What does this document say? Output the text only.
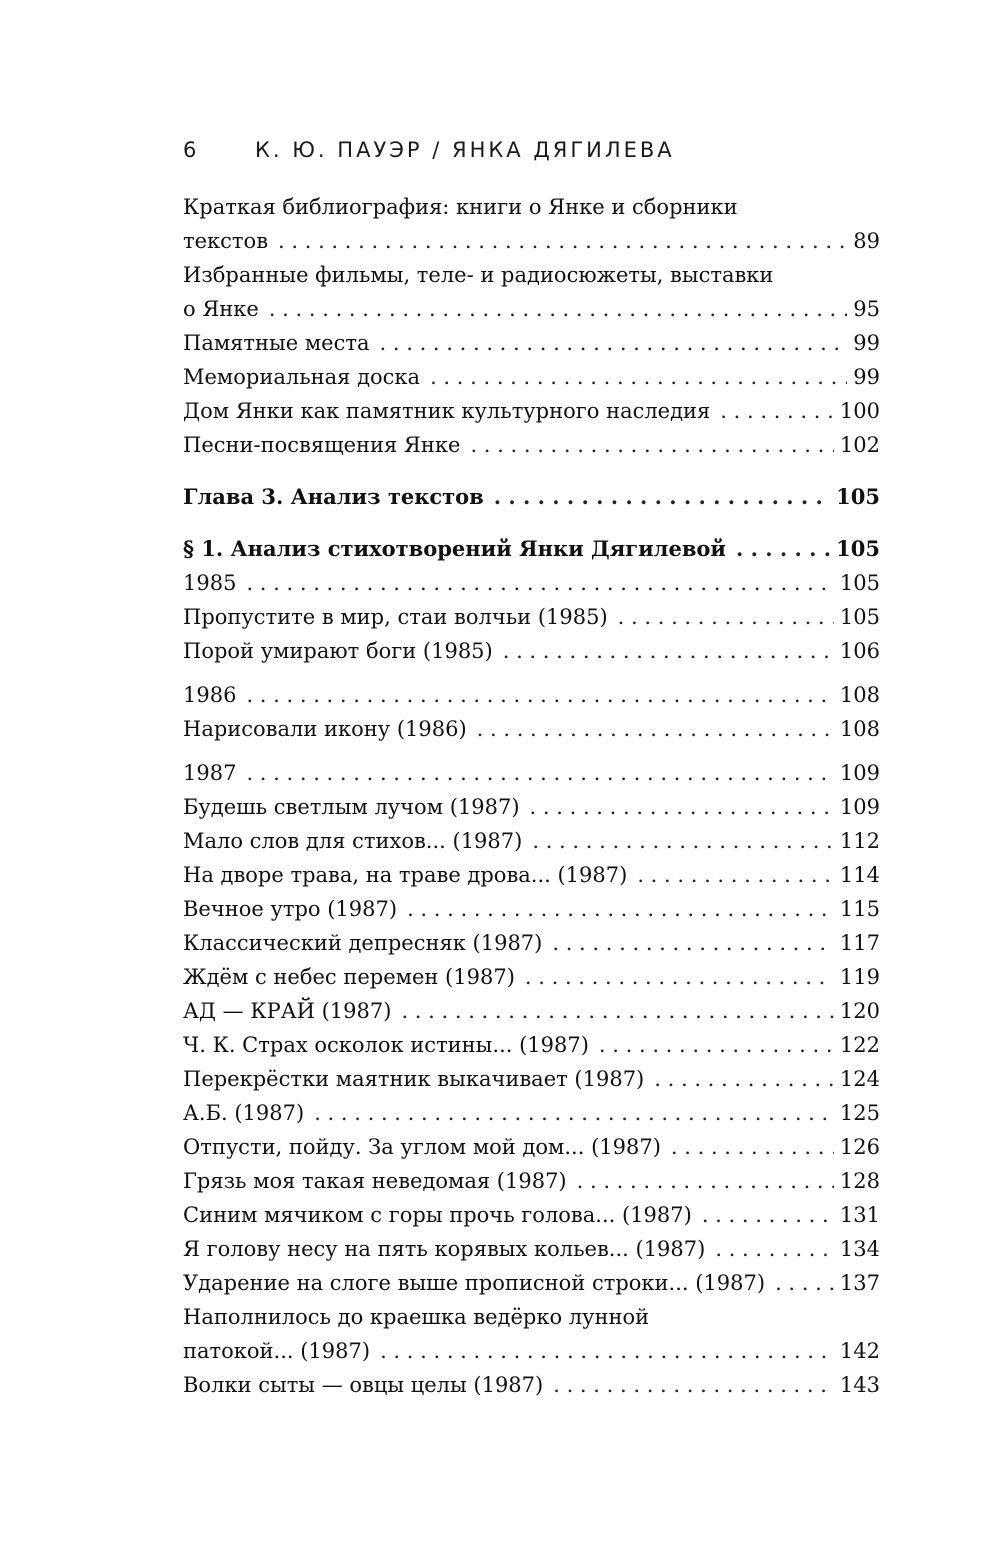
6	К. Ю. ПАУЭР / ЯНКА ДЯГИЛЕВА
Краткая библиография: книги о Янке и сборники
текстов . . .	89
Избранные фильмы, теле- и радиосюжеты, выставки
о Янке . . .	95
Памятные места . . .	99
Мемориальная доска . . .	99
Дом Янки как памятник культурного наследия . . .	100
Песни-посвящения Янке . . .	102
Глава 3. Анализ текстов . . .	105
§ 1. Анализ стихотворений Янки Дягилевой . . .	105
1985 . . .	105
Пропустите в мир, стаи волчьи (1985) . . .	105
Порой умирают боги (1985) . . .	106
1986 . . .	108
Нарисовали икону (1986) . . .	108
1987 . . .	109
Будешь светлым лучом (1987) . . .	109
Мало слов для стихов... (1987) . . .	112
На дворе трава, на траве дрова... (1987) . . .	114
Вечное утро (1987) . . .	115
Классический депресняк (1987) . . .	117
Ждём с небес перемен (1987) . . .	119
АД — КРАЙ (1987) . . .	120
Ч. К. Страх осколок истины... (1987) . . .	122
Перекрёстки маятник выкачивает (1987) . . .	124
А.Б. (1987) . . .	125
Отпусти, пойду. За углом мой дом... (1987) . . .	126
Грязь моя такая неведомая (1987) . . .	128
Синим мячиком с горы прочь голова... (1987) . . .	131
Я голову несу на пять корявых кольев... (1987) . . .	134
Ударение на слоге выше прописной строки... (1987) . . .	137
Наполнилось до краешка ведёрко лунной
патокой... (1987) . . .	142
Волки сыты — овцы целы (1987) . . .	143
